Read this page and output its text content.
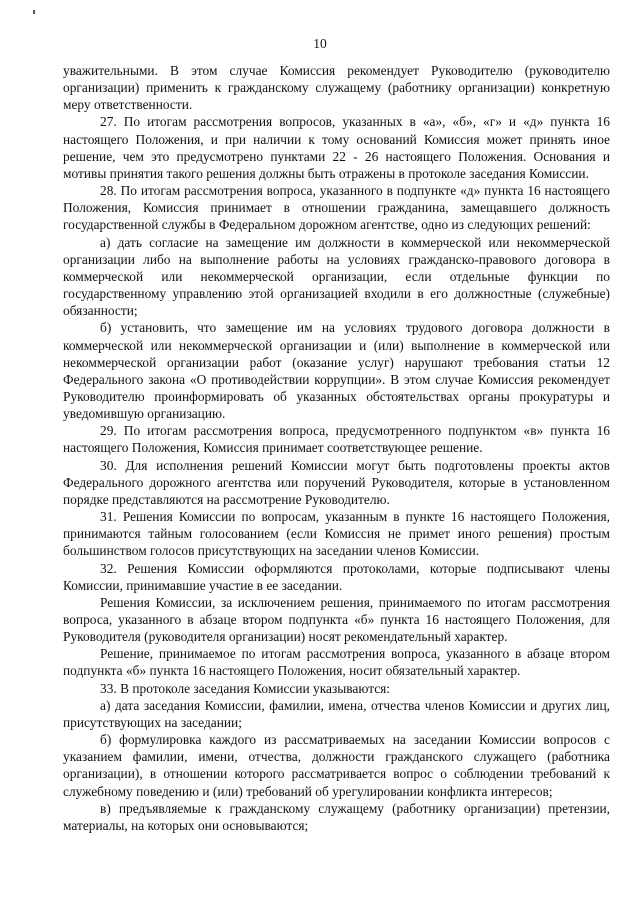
10

уважительными. В этом случае Комиссия рекомендует Руководителю (руководителю организации) применить к гражданскому служащему (работнику организации) конкретную меру ответственности.

27. По итогам рассмотрения вопросов, указанных в «а», «б», «г» и «д» пункта 16 настоящего Положения, и при наличии к тому оснований Комиссия может принять иное решение, чем это предусмотрено пунктами 22 - 26 настоящего Положения. Основания и мотивы принятия такого решения должны быть отражены в протоколе заседания Комиссии.

28. По итогам рассмотрения вопроса, указанного в подпункте «д» пункта 16 настоящего Положения, Комиссия принимает в отношении гражданина, замещавшего должность государственной службы в Федеральном дорожном агентстве, одно из следующих решений:

а) дать согласие на замещение им должности в коммерческой или некоммерческой организации либо на выполнение работы на условиях гражданско-правового договора в коммерческой или некоммерческой организации, если отдельные функции по государственному управлению этой организацией входили в его должностные (служебные) обязанности;

б) установить, что замещение им на условиях трудового договора должности в коммерческой или некоммерческой организации и (или) выполнение в коммерческой или некоммерческой организации работ (оказание услуг) нарушают требования статьи 12 Федерального закона «О противодействии коррупции». В этом случае Комиссия рекомендует Руководителю проинформировать об указанных обстоятельствах органы прокуратуры и уведомившую организацию.

29. По итогам рассмотрения вопроса, предусмотренного подпунктом «в» пункта 16 настоящего Положения, Комиссия принимает соответствующее решение.

30. Для исполнения решений Комиссии могут быть подготовлены проекты актов Федерального дорожного агентства или поручений Руководителя, которые в установленном порядке представляются на рассмотрение Руководителю.

31. Решения Комиссии по вопросам, указанным в пункте 16 настоящего Положения, принимаются тайным голосованием (если Комиссия не примет иного решения) простым большинством голосов присутствующих на заседании членов Комиссии.

32. Решения Комиссии оформляются протоколами, которые подписывают члены Комиссии, принимавшие участие в ее заседании.

Решения Комиссии, за исключением решения, принимаемого по итогам рассмотрения вопроса, указанного в абзаце втором подпункта «б» пункта 16 настоящего Положения, для Руководителя (руководителя организации) носят рекомендательный характер.

Решение, принимаемое по итогам рассмотрения вопроса, указанного в абзаце втором подпункта «б» пункта 16 настоящего Положения, носит обязательный характер.

33. В протоколе заседания Комиссии указываются:

а) дата заседания Комиссии, фамилии, имена, отчества членов Комиссии и других лиц, присутствующих на заседании;

б) формулировка каждого из рассматриваемых на заседании Комиссии вопросов с указанием фамилии, имени, отчества, должности гражданского служащего (работника организации), в отношении которого рассматривается вопрос о соблюдении требований к служебному поведению и (или) требований об урегулировании конфликта интересов;

в) предъявляемые к гражданскому служащему (работнику организации) претензии, материалы, на которых они основываются;
